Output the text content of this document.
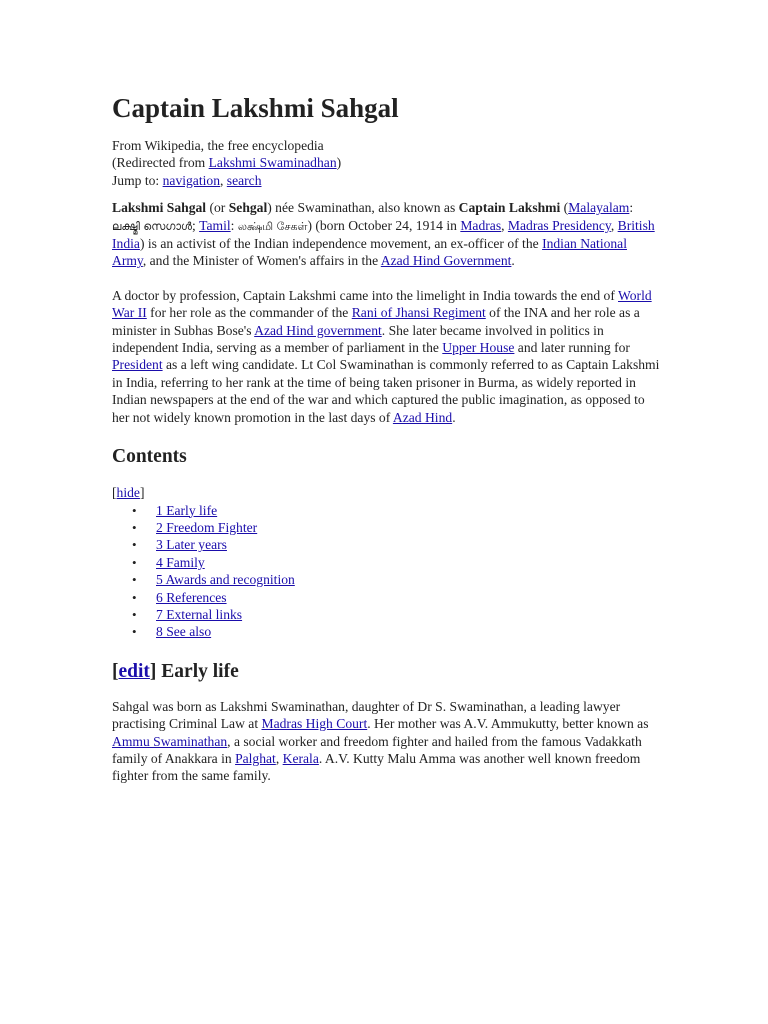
Captain Lakshmi Sahgal
From Wikipedia, the free encyclopedia
(Redirected from Lakshmi Swaminadhan)
Jump to: navigation, search

Lakshmi Sahgal (or Sehgal) née Swaminathan, also known as Captain Lakshmi (Malayalam: ലക്ഷ്മി സെഗാൾ; Tamil: லக்ஷ்மி சேகள்) (born October 24, 1914 in Madras, Madras Presidency, British India) is an activist of the Indian independence movement, an ex-officer of the Indian National Army, and the Minister of Women's affairs in the Azad Hind Government.

A doctor by profession, Captain Lakshmi came into the limelight in India towards the end of World War II for her role as the commander of the Rani of Jhansi Regiment of the INA and her role as a minister in Subhas Bose's Azad Hind government. She later became involved in politics in independent India, serving as a member of parliament in the Upper House and later running for President as a left wing candidate. Lt Col Swaminathan is commonly referred to as Captain Lakshmi in India, referring to her rank at the time of being taken prisoner in Burma, as widely reported in Indian newspapers at the end of the war and which captured the public imagination, as opposed to her not widely known promotion in the last days of Azad Hind.

Contents
[hide]
• 1 Early life
• 2 Freedom Fighter
• 3 Later years
• 4 Family
• 5 Awards and recognition
• 6 References
• 7 External links
• 8 See also
[edit] Early life

Sahgal was born as Lakshmi Swaminathan, daughter of Dr S. Swaminathan, a leading lawyer practising Criminal Law at Madras High Court. Her mother was A.V. Ammukutty, better known as Ammu Swaminathan, a social worker and freedom fighter and hailed from the famous Vadakkath family of Anakkara in Palghat, Kerala. A.V. Kutty Malu Amma was another well known freedom fighter from the same family.
